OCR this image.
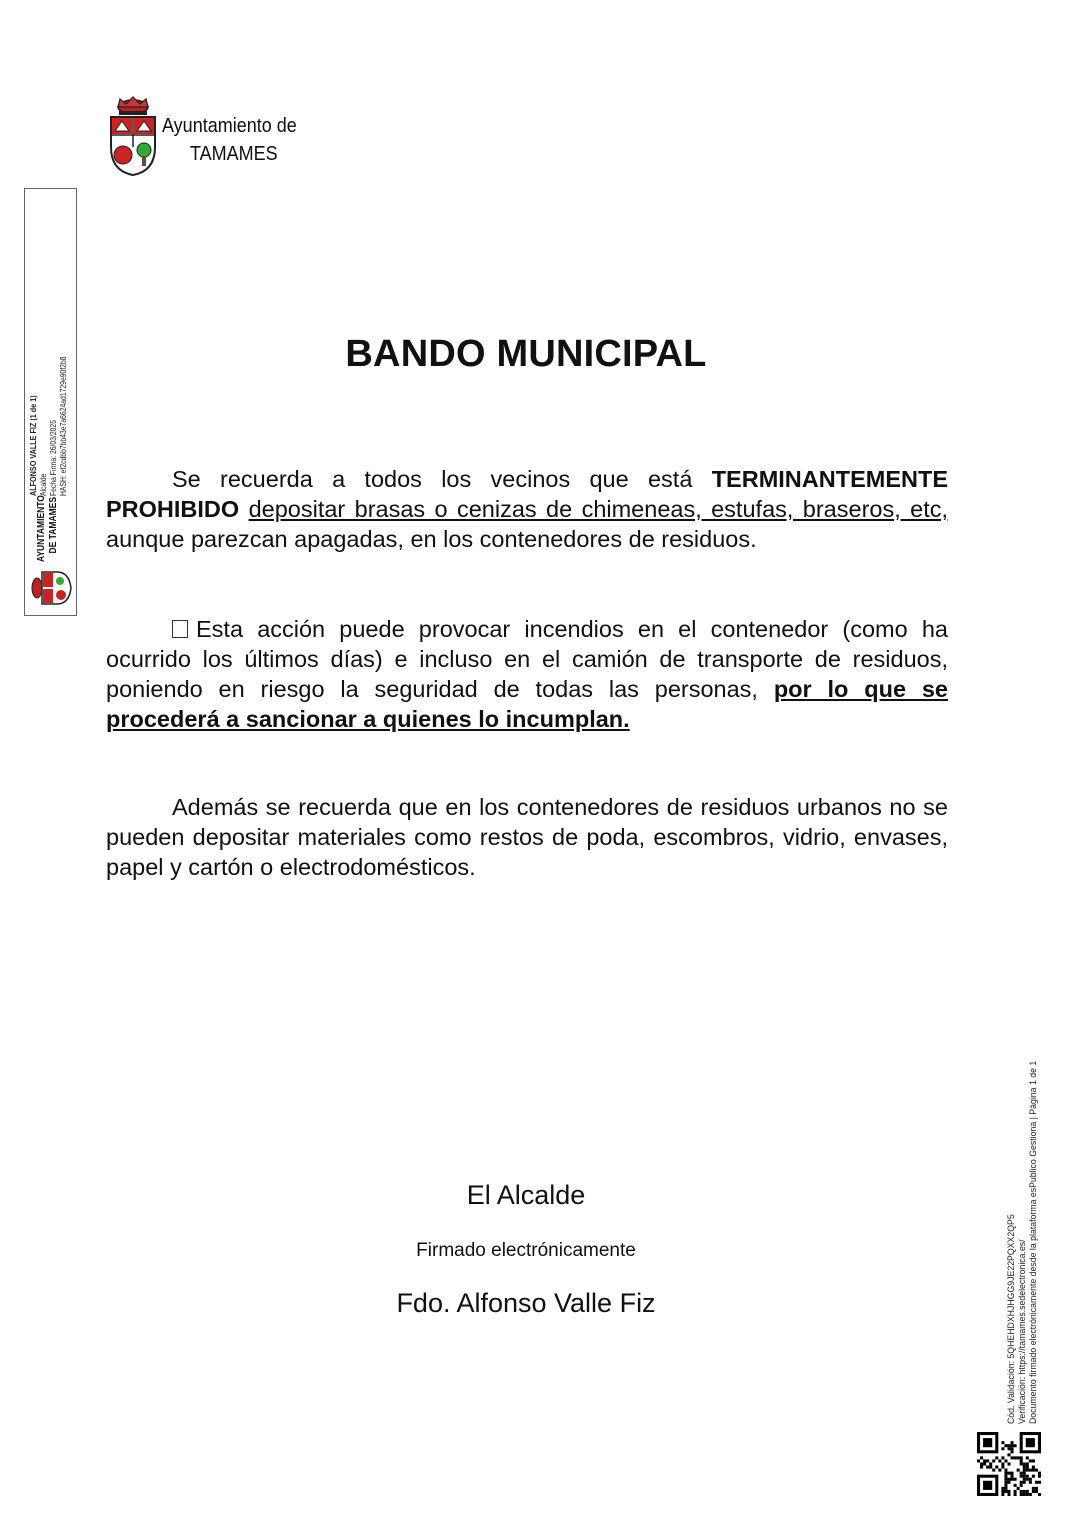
Ayuntamiento de
TAMAMES
AYUNTAMIENTO DE TAMAMES
ALFONSO VALLE FIZ (1 de 1) Alcalde Fecha Firma: 26/03/2025 HASH: ef2cdbb7bb43e7a6624ad1729e90f2b8
BANDO MUNICIPAL
Se recuerda a todos los vecinos que está TERMINANTEMENTE PROHIBIDO depositar brasas o cenizas de chimeneas, estufas, braseros, etc, aunque parezcan apagadas, en los contenedores de residuos.
Esta acción puede provocar incendios en el contenedor (como ha ocurrido los últimos días) e incluso en el camión de transporte de residuos, poniendo en riesgo la seguridad de todas las personas, por lo que se procederá a sancionar a quienes lo incumplan.
Además se recuerda que en los contenedores de residuos urbanos no se pueden depositar materiales como restos de poda, escombros, vidrio, envases, papel y cartón o electrodomésticos.
El Alcalde
Firmado electrónicamente
Fdo. Alfonso Valle Fiz	Cód. Validación: 5QHEHDXHJHGG9JE22PQXX2QP5 Verificación: https://tamames.sedelectronica.es/ Documento firmado electrónicamente desde la plataforma esPublico Gestiona | Página 1 de 1
